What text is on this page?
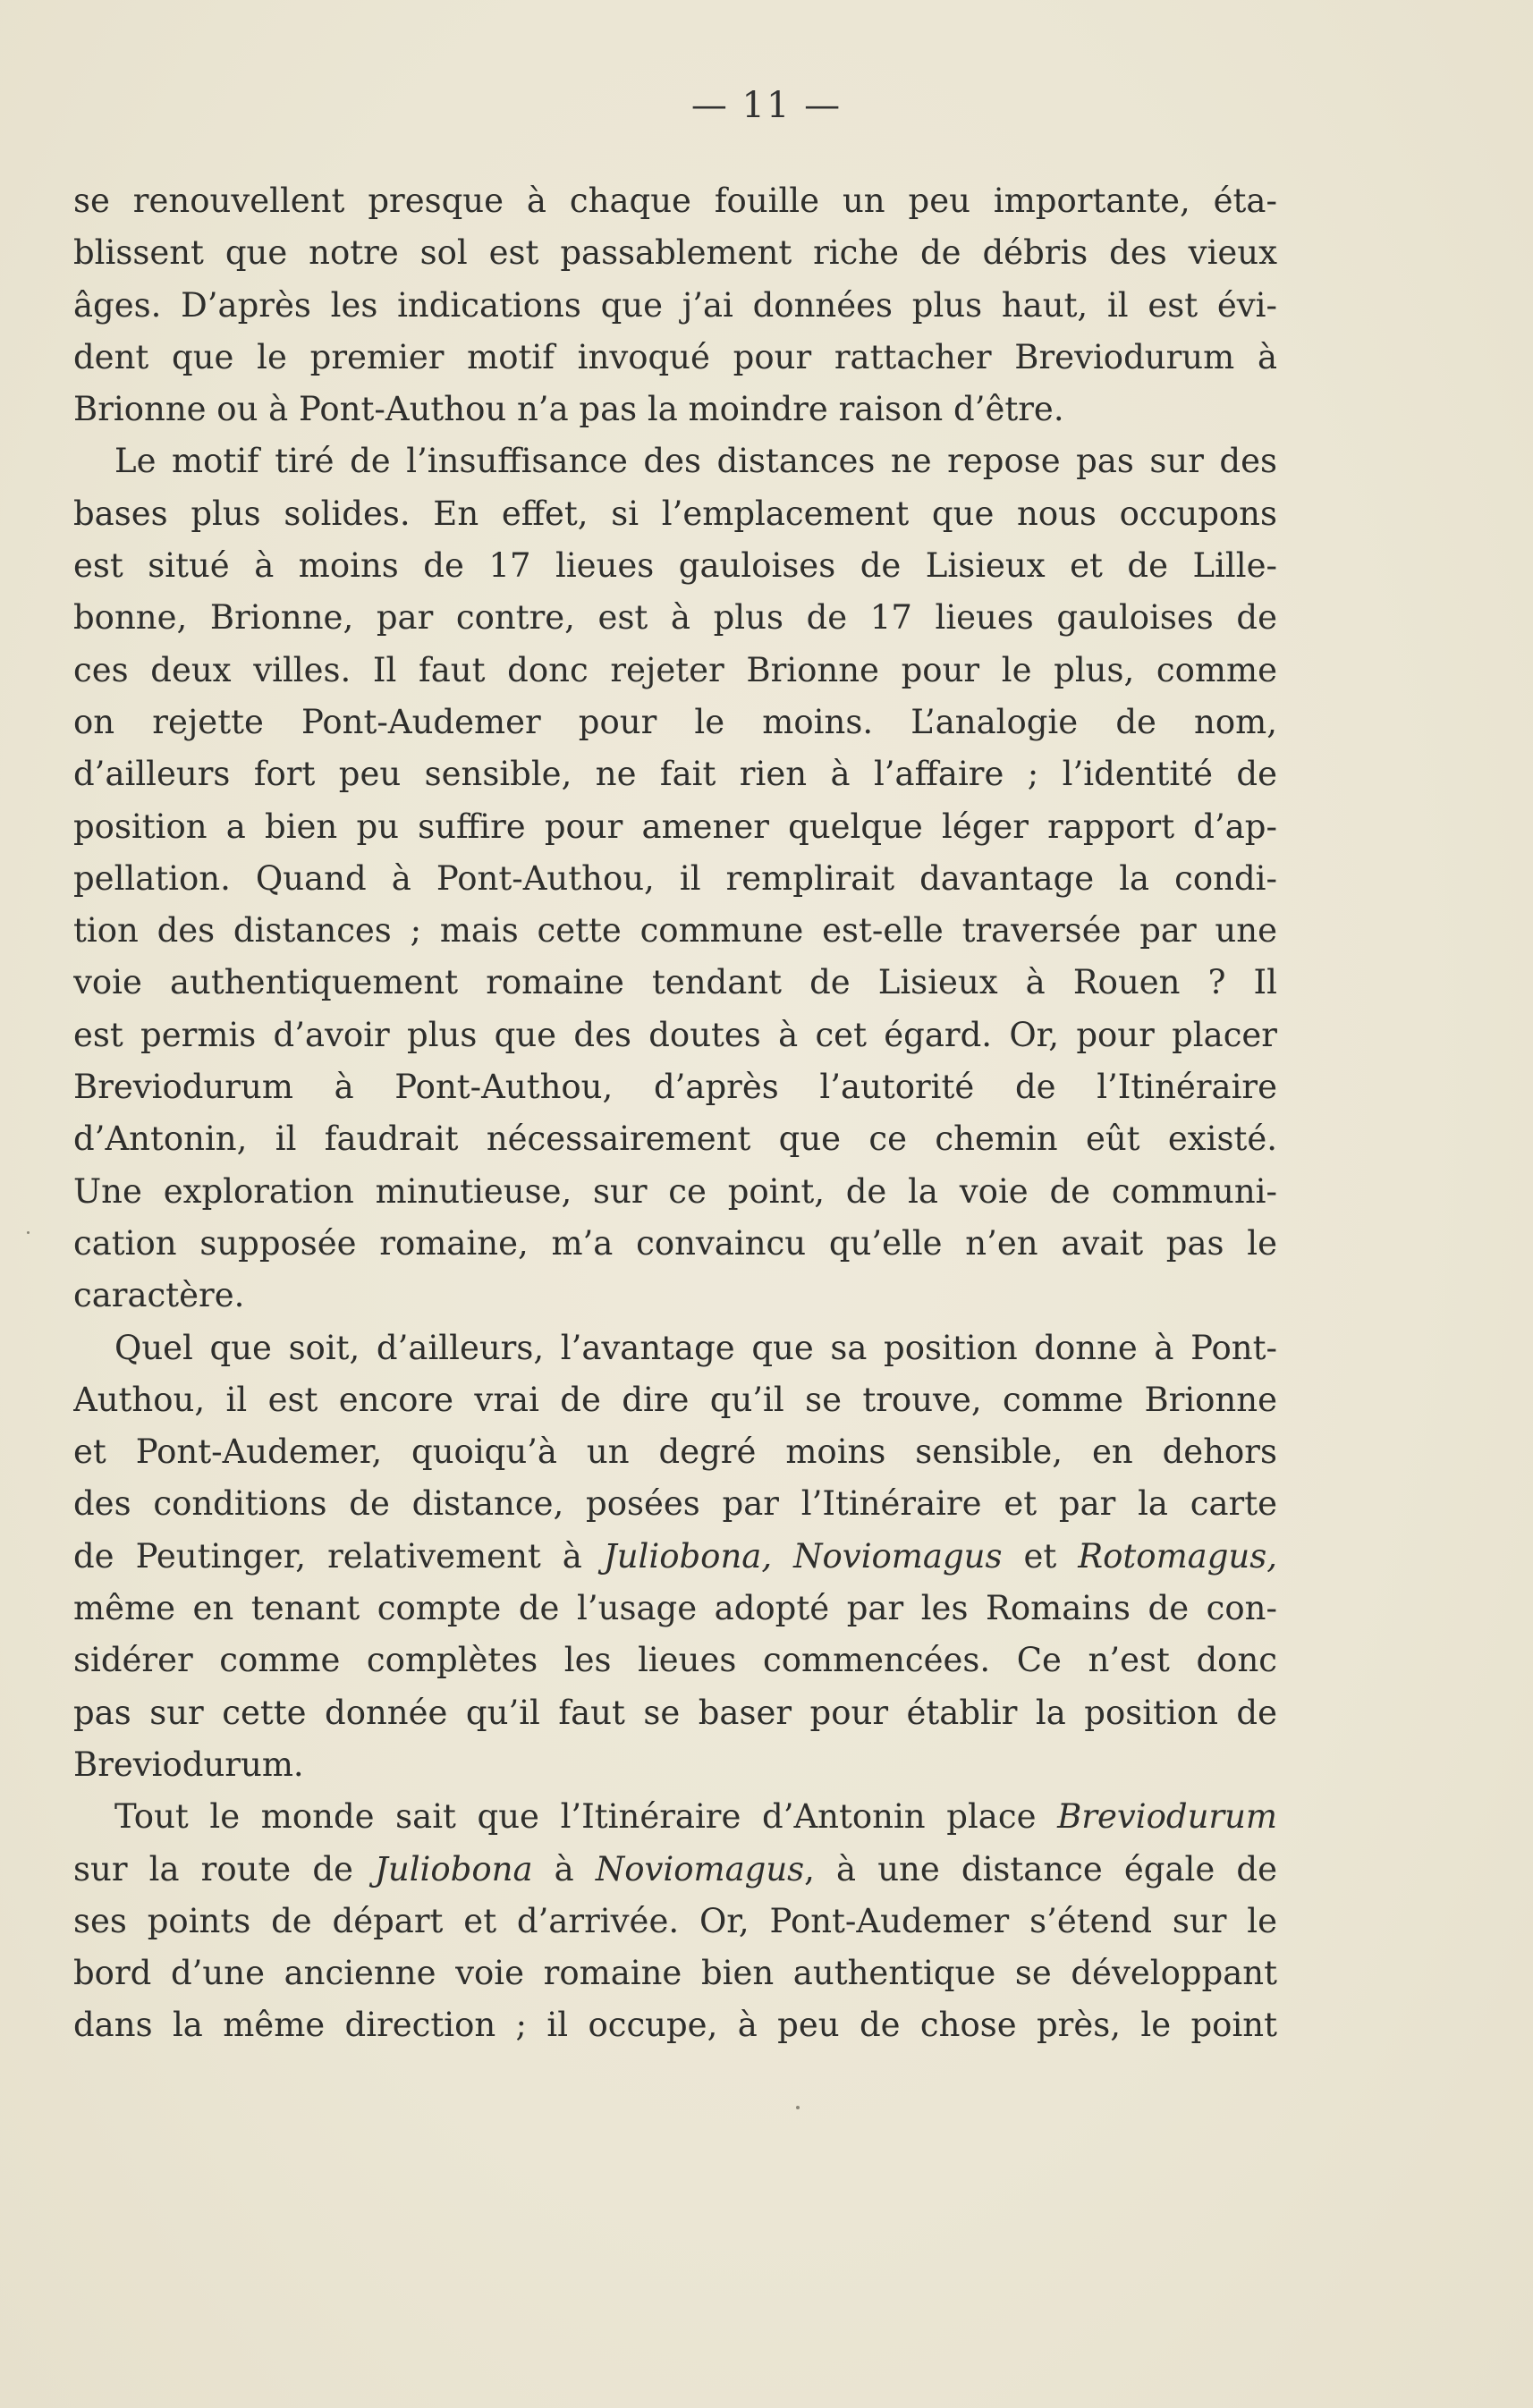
— 11 —
se renouvellent presque à chaque fouille un peu importante, éta-
blissent que notre sol est passablement riche de débris des vieux
âges. D’après les indications que j’ai données plus haut, il est évi-
dent que le premier motif invoqué pour rattacher Breviodurum à
Brionne ou à Pont-Authou n’a pas la moindre raison d’être.
Le motif tiré de l’insuffisance des distances ne repose pas sur des
bases plus solides. En effet, si l’emplacement que nous occupons
est situé à moins de 17 lieues gauloises de Lisieux et de Lille-
bonne, Brionne, par contre, est à plus de 17 lieues gauloises de
ces deux villes. Il faut donc rejeter Brionne pour le plus, comme
on rejette Pont-Audemer pour le moins. L’analogie de nom,
d’ailleurs fort peu sensible, ne fait rien à l’affaire ; l’identité de
position a bien pu suffire pour amener quelque léger rapport d’ap-
pellation. Quand à Pont-Authou, il remplirait davantage la condi-
tion des distances ; mais cette commune est-elle traversée par une
voie authentiquement romaine tendant de Lisieux à Rouen ? Il
est permis d’avoir plus que des doutes à cet égard. Or, pour placer
Breviodurum à Pont-Authou, d’après l’autorité de l’Itinéraire
d’Antonin, il faudrait nécessairement que ce chemin eût existé.
Une exploration minutieuse, sur ce point, de la voie de communi-
cation supposée romaine, m’a convaincu qu’elle n’en avait pas le
caractère.
Quel que soit, d’ailleurs, l’avantage que sa position donne à Pont-
Authou, il est encore vrai de dire qu’il se trouve, comme Brionne
et Pont-Audemer, quoiqu’à un degré moins sensible, en dehors
des conditions de distance, posées par l’Itinéraire et par la carte
de Peutinger, relativement à Juliobona, Noviomagus et Rotomagus,
même en tenant compte de l’usage adopté par les Romains de con-
sidérer comme complètes les lieues commencées. Ce n’est donc
pas sur cette donnée qu’il faut se baser pour établir la position de
Breviodurum.
Tout le monde sait que l’Itinéraire d’Antonin place Breviodurum
sur la route de Juliobona à Noviomagus, à une distance égale de
ses points de départ et d’arrivée. Or, Pont-Audemer s’étend sur le
bord d’une ancienne voie romaine bien authentique se développant
dans la même direction ; il occupe, à peu de chose près, le point
